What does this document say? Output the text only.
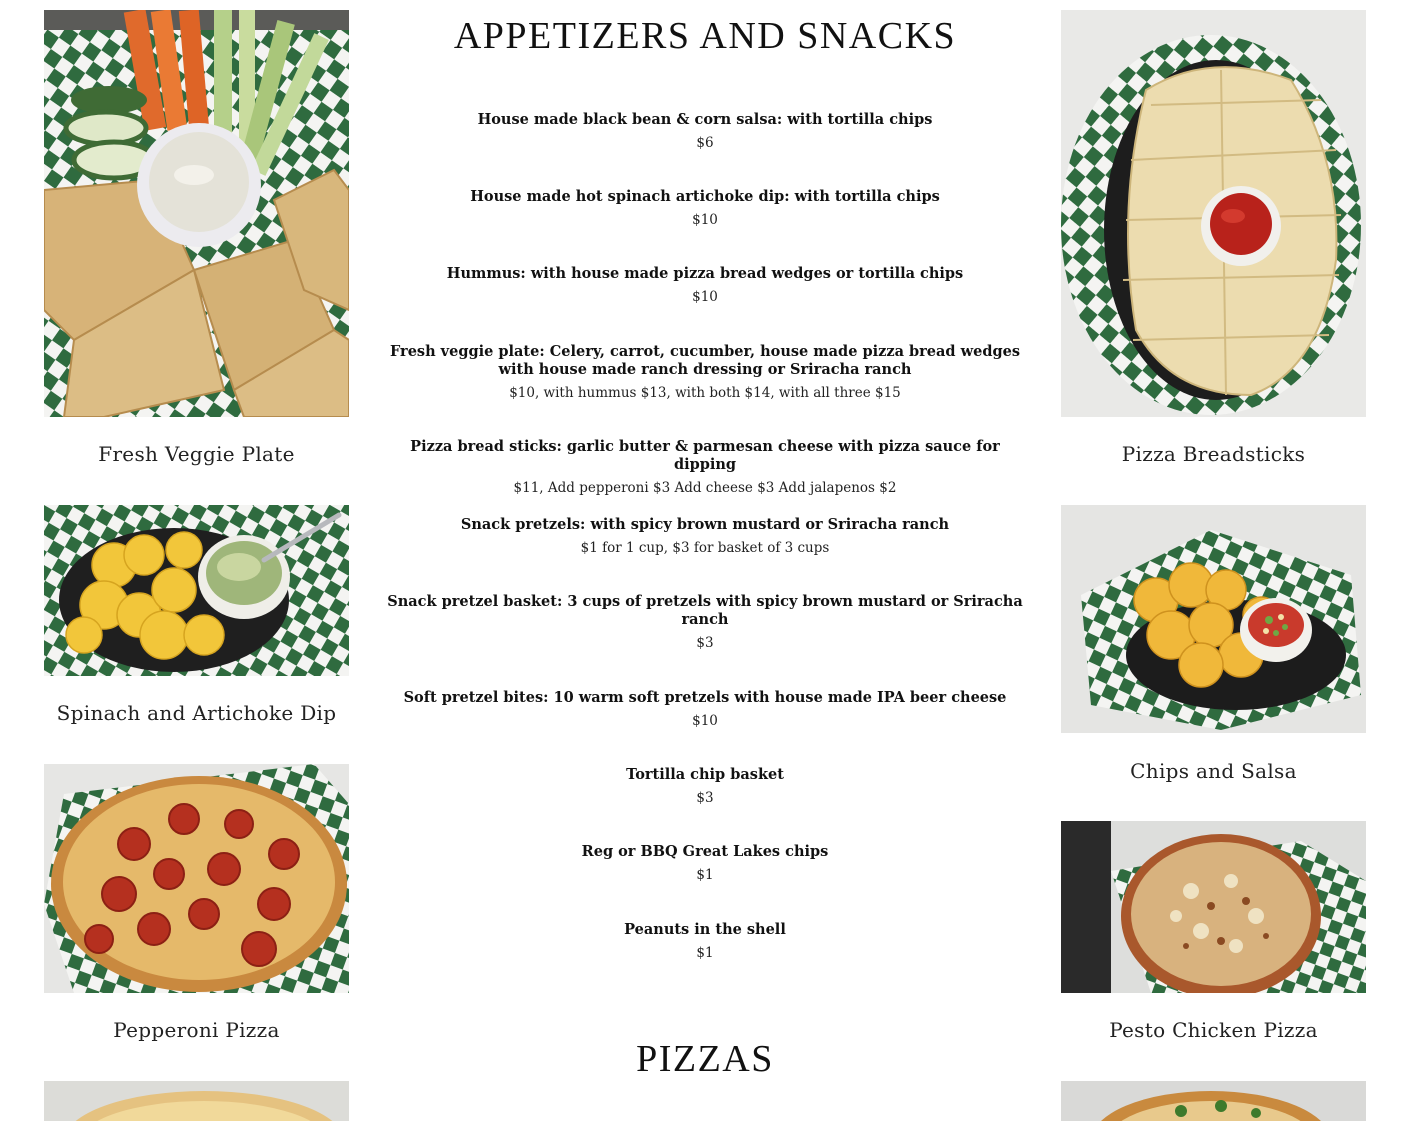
Fresh Veggie Plate
Spinach and Artichoke Dip
Pepperoni Pizza
APPETIZERS AND SNACKS
House made black bean & corn salsa: with tortilla chips
$6
House made hot spinach artichoke dip: with tortilla chips
$10
Hummus: with house made pizza bread wedges or tortilla chips
$10
Fresh veggie plate: Celery, carrot, cucumber, house made pizza bread wedges with house made ranch dressing or Sriracha ranch
$10, with hummus $13, with both $14, with all three $15
Pizza bread sticks: garlic butter & parmesan cheese with pizza sauce for dipping
$11, Add pepperoni $3 Add cheese $3 Add jalapenos $2
Snack pretzels: with spicy brown mustard or Sriracha ranch
$1 for 1 cup, $3 for basket of 3 cups
Snack pretzel basket: 3 cups of pretzels with spicy brown mustard or Sriracha ranch
$3
Soft pretzel bites: 10 warm soft pretzels with house made IPA beer cheese
$10
Tortilla chip basket
$3
Reg or BBQ Great Lakes chips
$1
Peanuts in the shell
$1
PIZZAS
Pizza Breadsticks
Chips and Salsa
Pesto Chicken Pizza
